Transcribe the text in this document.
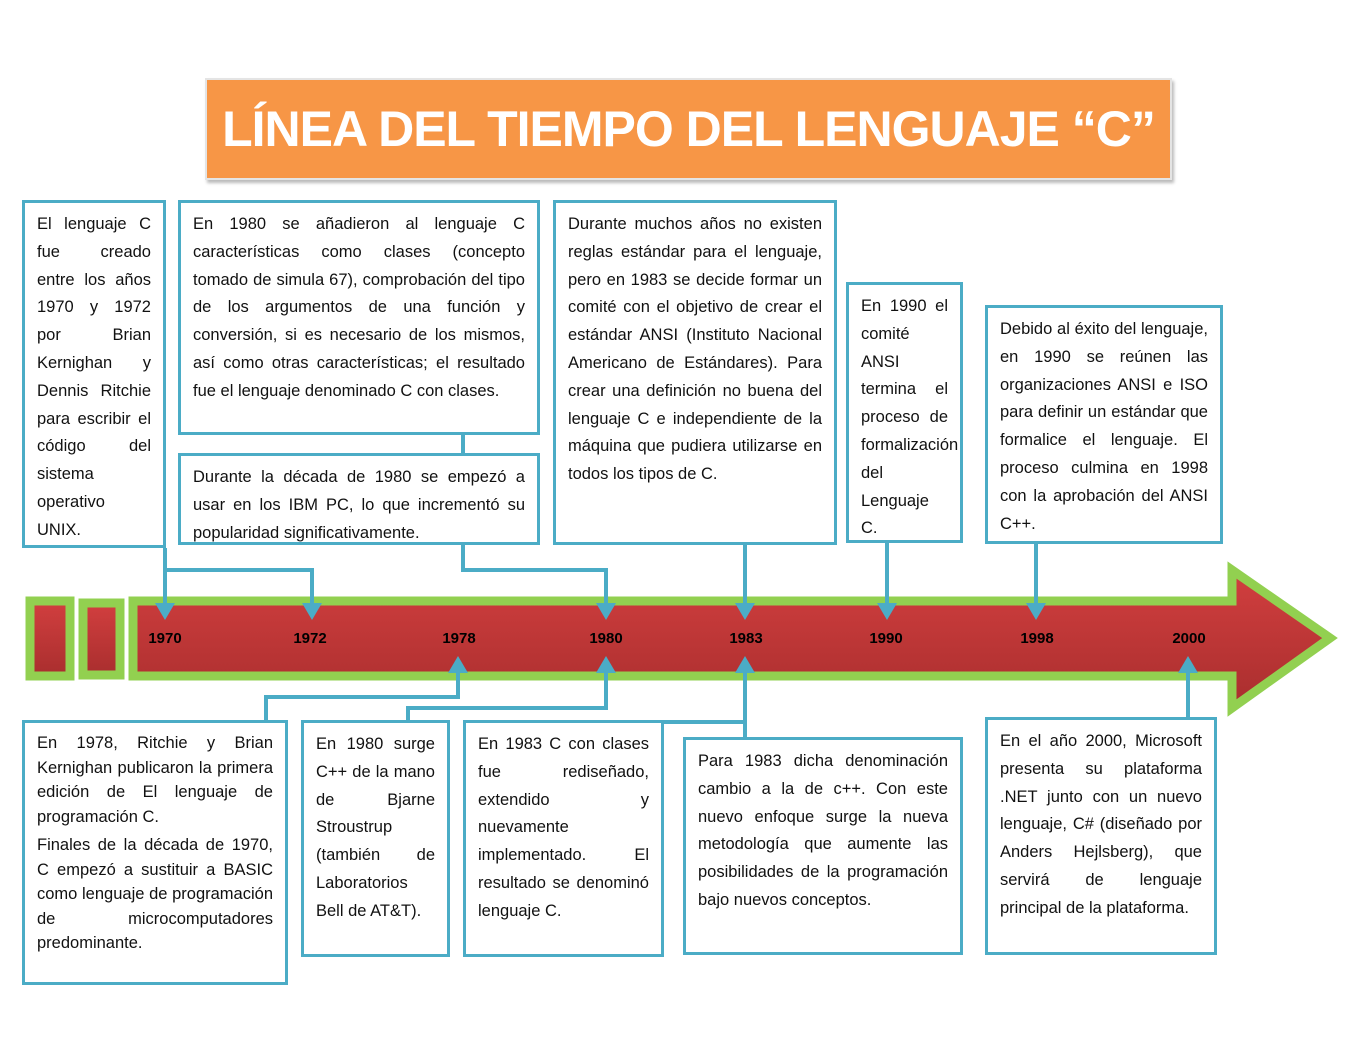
LÍNEA DEL TIEMPO DEL LENGUAJE “C”
1970	1972	1978	1980	1983	1990	1998	2000
El lenguaje C fue creado entre los años 1970 y 1972 por Brian Kernighan y Dennis Ritchie para escribir el código del sistema operativo UNIX.
En 1980 se añadieron al lenguaje C características como clases (concepto tomado de simula 67), comprobación del tipo de los argumentos de una función y conversión, si es necesario de los mismos, así como otras características; el resultado fue el lenguaje denominado C con clases.
Durante la década de 1980 se empezó a usar en los IBM PC, lo que incrementó su popularidad significativamente.
Durante muchos años no existen reglas estándar para el lenguaje, pero en 1983 se decide formar un comité con el objetivo de crear el estándar ANSI (Instituto Nacional Americano de Estándares). Para crear una definición no buena del lenguaje C e independiente de la máquina que pudiera utilizarse en todos los tipos de C.
En 1990 el comité ANSI termina el proceso de formalización del Lenguaje C.
Debido al éxito del lenguaje, en 1990 se reúnen las organizaciones ANSI e ISO para definir un estándar que formalice el lenguaje. El proceso culmina en 1998 con la aprobación del ANSI C++.
En 1978, Ritchie y Brian Kernighan publicaron la primera edición de El lenguaje de programación C.
Finales de la década de 1970, C empezó a sustituir a BASIC como lenguaje de programación de microcomputadores predominante.
En 1980 surge C++ de la mano de Bjarne Stroustrup (también de Laboratorios Bell de AT&T).
En 1983 C con clases fue rediseñado, extendido y nuevamente implementado. El resultado se denominó lenguaje C.
Para 1983 dicha denominación cambio a la de c++. Con este nuevo enfoque surge la nueva metodología que aumente las posibilidades de la programación bajo nuevos conceptos.
En el año 2000, Microsoft presenta su plataforma .NET junto con un nuevo lenguaje, C# (diseñado por Anders Hejlsberg), que servirá de lenguaje principal de la plataforma.
